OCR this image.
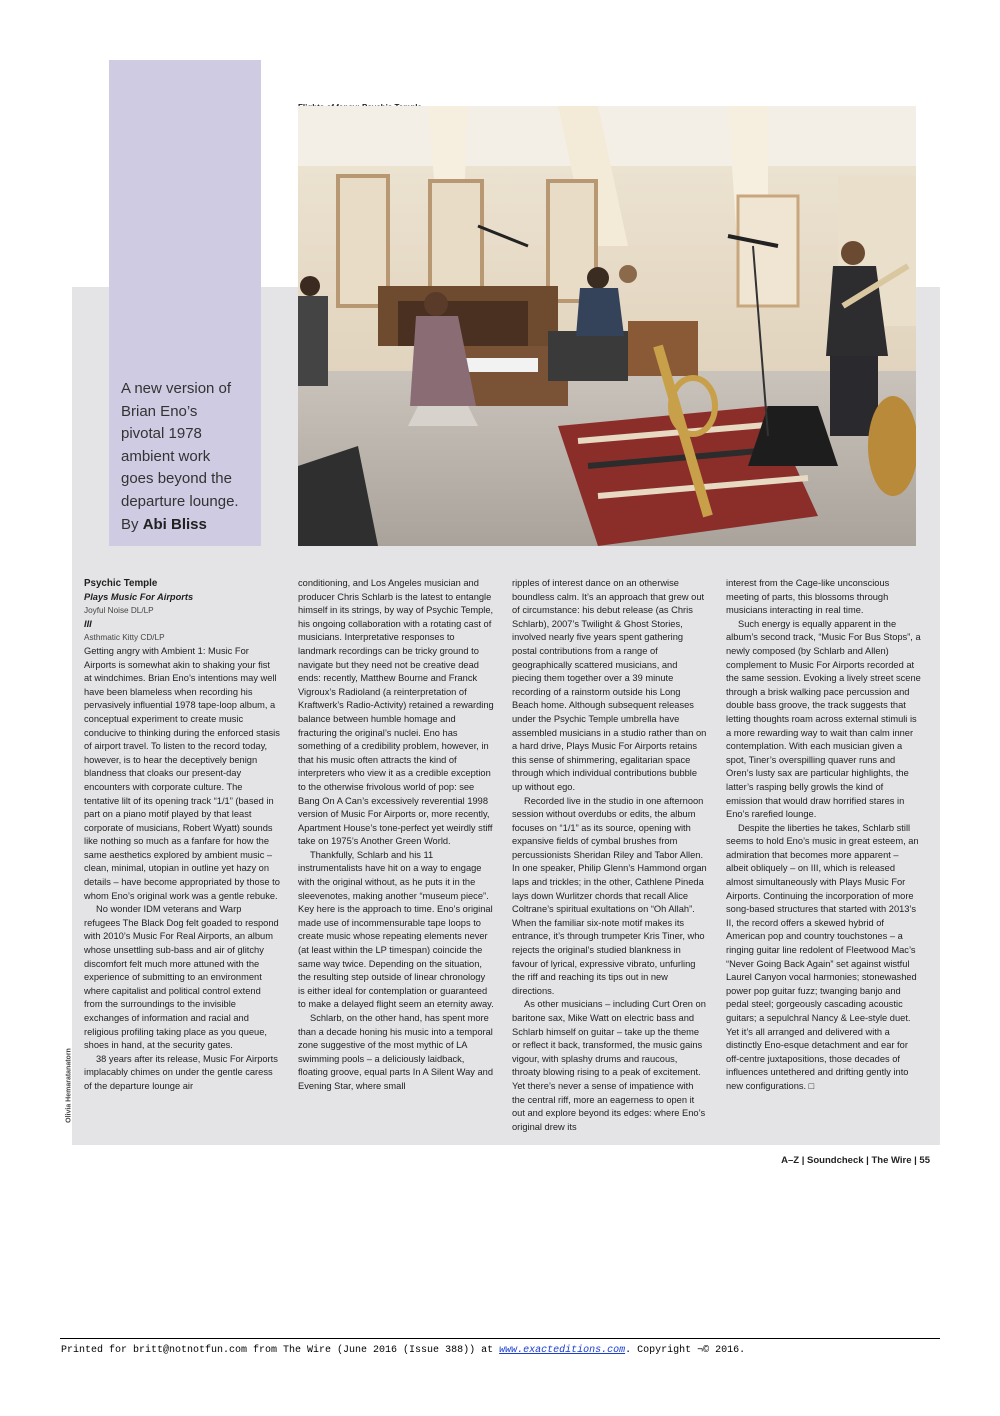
A new version of
Brian Eno’s
pivotal 1978
ambient work
goes beyond the
departure lounge.
By Abi Bliss
Olivia Hemaratanatorn

Psychic Temple

Plays Music For Airports

Joyful Noise DL/LP

III

Asthmatic Kitty CD/LP

Getting angry with Ambient 1: Music For Airports is somewhat akin to shaking your fist at windchimes. Brian Eno’s intentions may well have been blameless when recording his pervasively influential 1978 tape-loop album, a conceptual experiment to create music conducive to thinking during the enforced stasis of airport travel. To listen to the record today, however, is to hear the deceptively benign blandness that cloaks our present-day encounters with corporate culture. The tentative lilt of its opening track “1/1” (based in part on a piano motif played by that least corporate of musicians, Robert Wyatt) sounds like nothing so much as a fanfare for how the same aesthetics explored by ambient music – clean, minimal, utopian in outline yet hazy on details – have become appropriated by those to whom Eno’s original work was a gentle rebuke.

No wonder IDM veterans and Warp refugees The Black Dog felt goaded to respond with 2010’s Music For Real Airports, an album whose unsettling sub-bass and air of glitchy discomfort felt much more attuned with the experience of submitting to an environment where capitalist and political control extend from the surroundings to the invisible exchanges of information and racial and religious profiling taking place as you queue, shoes in hand, at the security gates.

38 years after its release, Music For Airports implacably chimes on under the gentle caress of the departure lounge air

conditioning, and Los Angeles musician and producer Chris Schlarb is the latest to entangle himself in its strings, by way of Psychic Temple, his ongoing collaboration with a rotating cast of musicians. Interpretative responses to landmark recordings can be tricky ground to navigate but they need not be creative dead ends: recently, Matthew Bourne and Franck Vigroux’s Radioland (a reinterpretation of Kraftwerk’s Radio-Activity) retained a rewarding balance between humble homage and fracturing the original’s nuclei. Eno has something of a credibility problem, however, in that his music often attracts the kind of interpreters who view it as a credible exception to the otherwise frivolous world of pop: see Bang On A Can’s excessively reverential 1998 version of Music For Airports or, more recently, Apartment House’s tone-perfect yet weirdly stiff take on 1975’s Another Green World.

Thankfully, Schlarb and his 11 instrumentalists have hit on a way to engage with the original without, as he puts it in the sleevenotes, making another “museum piece”. Key here is the approach to time. Eno’s original made use of incommensurable tape loops to create music whose repeating elements never (at least within the LP timespan) coincide the same way twice. Depending on the situation, the resulting step outside of linear chronology is either ideal for contemplation or guaranteed to make a delayed flight seem an eternity away.

Schlarb, on the other hand, has spent more than a decade honing his music into a temporal zone suggestive of the most mythic of LA swimming pools – a deliciously laidback, floating groove, equal parts In A Silent Way and Evening Star, where small

ripples of interest dance on an otherwise boundless calm. It’s an approach that grew out of circumstance: his debut release (as Chris Schlarb), 2007’s Twilight & Ghost Stories, involved nearly five years spent gathering postal contributions from a range of geographically scattered musicians, and piecing them together over a 39 minute recording of a rainstorm outside his Long Beach home. Although subsequent releases under the Psychic Temple umbrella have assembled musicians in a studio rather than on a hard drive, Plays Music For Airports retains this sense of shimmering, egalitarian space through which individual contributions bubble up without ego.

Recorded live in the studio in one afternoon session without overdubs or edits, the album focuses on “1/1” as its source, opening with expansive fields of cymbal brushes from percussionists Sheridan Riley and Tabor Allen. In one speaker, Philip Glenn’s Hammond organ laps and trickles; in the other, Cathlene Pineda lays down Wurlitzer chords that recall Alice Coltrane’s spiritual exultations on “Oh Allah”. When the familiar six-note motif makes its entrance, it’s through trumpeter Kris Tiner, who rejects the original’s studied blankness in favour of lyrical, expressive vibrato, unfurling the riff and reaching its tips out in new directions.

As other musicians – including Curt Oren on baritone sax, Mike Watt on electric bass and Schlarb himself on guitar – take up the theme or reflect it back, transformed, the music gains vigour, with splashy drums and raucous, throaty blowing rising to a peak of excitement. Yet there’s never a sense of impatience with the central riff, more an eagerness to open it out and explore beyond its edges: where Eno’s original drew its

interest from the Cage-like unconscious meeting of parts, this blossoms through musicians interacting in real time.

Such energy is equally apparent in the album’s second track, “Music For Bus Stops”, a newly composed (by Schlarb and Allen) complement to Music For Airports recorded at the same session. Evoking a lively street scene through a brisk walking pace percussion and double bass groove, the track suggests that letting thoughts roam across external stimuli is a more rewarding way to wait than calm inner contemplation. With each musician given a spot, Tiner’s overspilling quaver runs and Oren’s lusty sax are particular highlights, the latter’s rasping belly growls the kind of emission that would draw horrified stares in Eno’s rarefied lounge.

Despite the liberties he takes, Schlarb still seems to hold Eno’s music in great esteem, an admiration that becomes more apparent – albeit obliquely – on III, which is released almost simultaneously with Plays Music For Airports. Continuing the incorporation of more song-based structures that started with 2013’s II, the record offers a skewed hybrid of American pop and country touchstones – a ringing guitar line redolent of Fleetwood Mac’s “Never Going Back Again” set against wistful Laurel Canyon vocal harmonies; stonewashed power pop guitar fuzz; twanging banjo and pedal steel; gorgeously cascading acoustic guitars; a sepulchral Nancy & Lee-style duet. Yet it’s all arranged and delivered with a distinctly Eno-esque detachment and ear for off-centre juxtapositions, those decades of influences untethered and drifting gently into new configurations. □

A–Z | Soundcheck | The Wire | 55
Printed for britt@notnotfun.com from The Wire (June 2016 (Issue 388)) at www.exacteditions.com. Copyright ¬© 2016.
